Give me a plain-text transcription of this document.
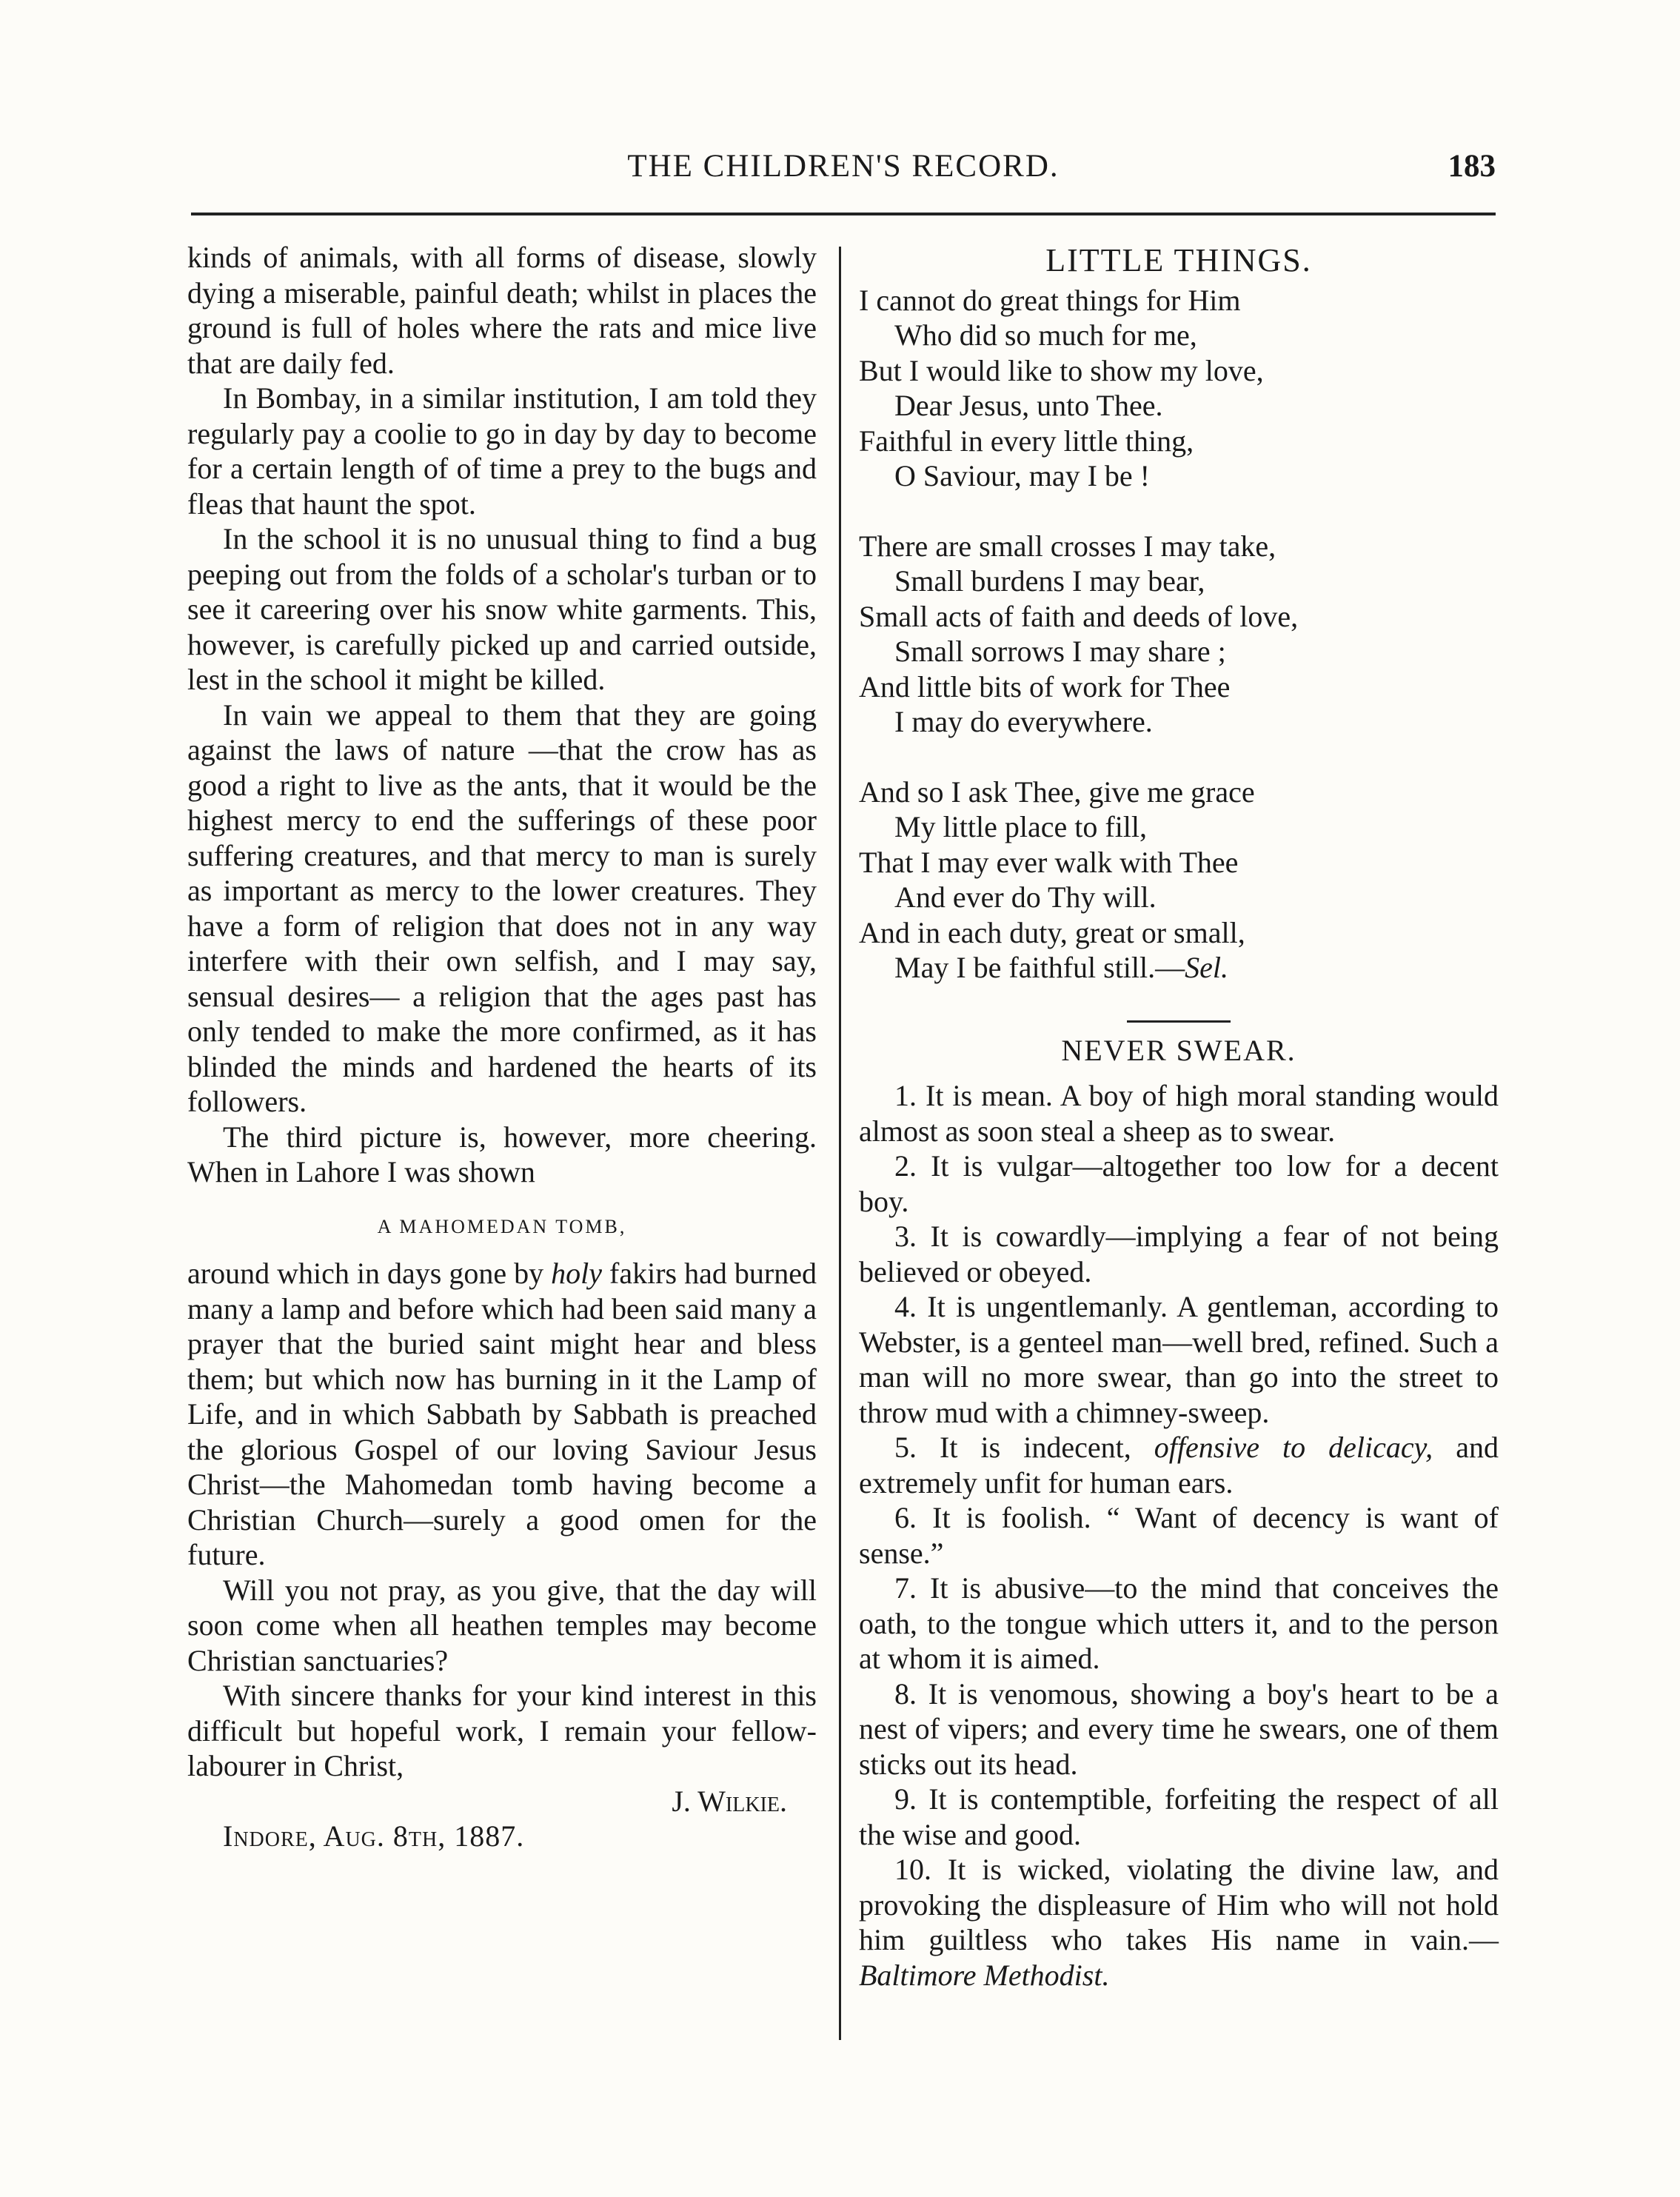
THE CHILDREN'S RECORD.	183

kinds of animals, with all forms of disease, slowly dying a miserable, painful death; whilst in places the ground is full of holes where the rats and mice live that are daily fed.

In Bombay, in a similar institution, I am told they regularly pay a coolie to go in day by day to become for a certain length of of time a prey to the bugs and fleas that haunt the spot.

In the school it is no unusual thing to find a bug peeping out from the folds of a scholar's turban or to see it careering over his snow white garments. This, however, is carefully picked up and carried outside, lest in the school it might be killed.

In vain we appeal to them that they are going against the laws of nature —that the crow has as good a right to live as the ants, that it would be the highest mercy to end the sufferings of these poor suffering creatures, and that mercy to man is surely as important as mercy to the lower creatures. They have a form of religion that does not in any way interfere with their own selfish, and I may say, sensual desires— a religion that the ages past has only tended to make the more confirmed, as it has blinded the minds and hardened the hearts of its followers.

The third picture is, however, more cheering. When in Lahore I was shown

A MAHOMEDAN TOMB,

around which in days gone by holy fakirs had burned many a lamp and before which had been said many a prayer that the buried saint might hear and bless them; but which now has burning in it the Lamp of Life, and in which Sabbath by Sabbath is preached the glorious Gospel of our loving Saviour Jesus Christ—the Mahomedan tomb having become a Christian Church—surely a good omen for the future.

Will you not pray, as you give, that the day will soon come when all heathen temples may become Christian sanctuaries?

With sincere thanks for your kind interest in this difficult but hopeful work, I remain your fellow-labourer in Christ,

J. Wilkie.
Indore, Aug. 8th, 1887.
LITTLE THINGS.
I cannot do great things for Him
Who did so much for me,
But I would like to show my love,
Dear Jesus, unto Thee.
Faithful in every little thing,
O Saviour, may I be !
There are small crosses I may take,
Small burdens I may bear,
Small acts of faith and deeds of love,
Small sorrows I may share ;
And little bits of work for Thee
I may do everywhere.
And so I ask Thee, give me grace
My little place to fill,
That I may ever walk with Thee
And ever do Thy will.
And in each duty, great or small,
May I be faithful still.—Sel.
NEVER SWEAR.

1. It is mean. A boy of high moral standing would almost as soon steal a sheep as to swear.

2. It is vulgar—altogether too low for a decent boy.

3. It is cowardly—implying a fear of not being believed or obeyed.

4. It is ungentlemanly. A gentleman, according to Webster, is a genteel man—well bred, refined. Such a man will no more swear, than go into the street to throw mud with a chimney-sweep.

5. It is indecent, offensive to delicacy, and extremely unfit for human ears.

6. It is foolish. “ Want of decency is want of sense.”

7. It is abusive—to the mind that conceives the oath, to the tongue which utters it, and to the person at whom it is aimed.

8. It is venomous, showing a boy's heart to be a nest of vipers; and every time he swears, one of them sticks out its head.

9. It is contemptible, forfeiting the respect of all the wise and good.

10. It is wicked, violating the divine law, and provoking the displeasure of Him who will not hold him guiltless who takes His name in vain.—Baltimore Methodist.
